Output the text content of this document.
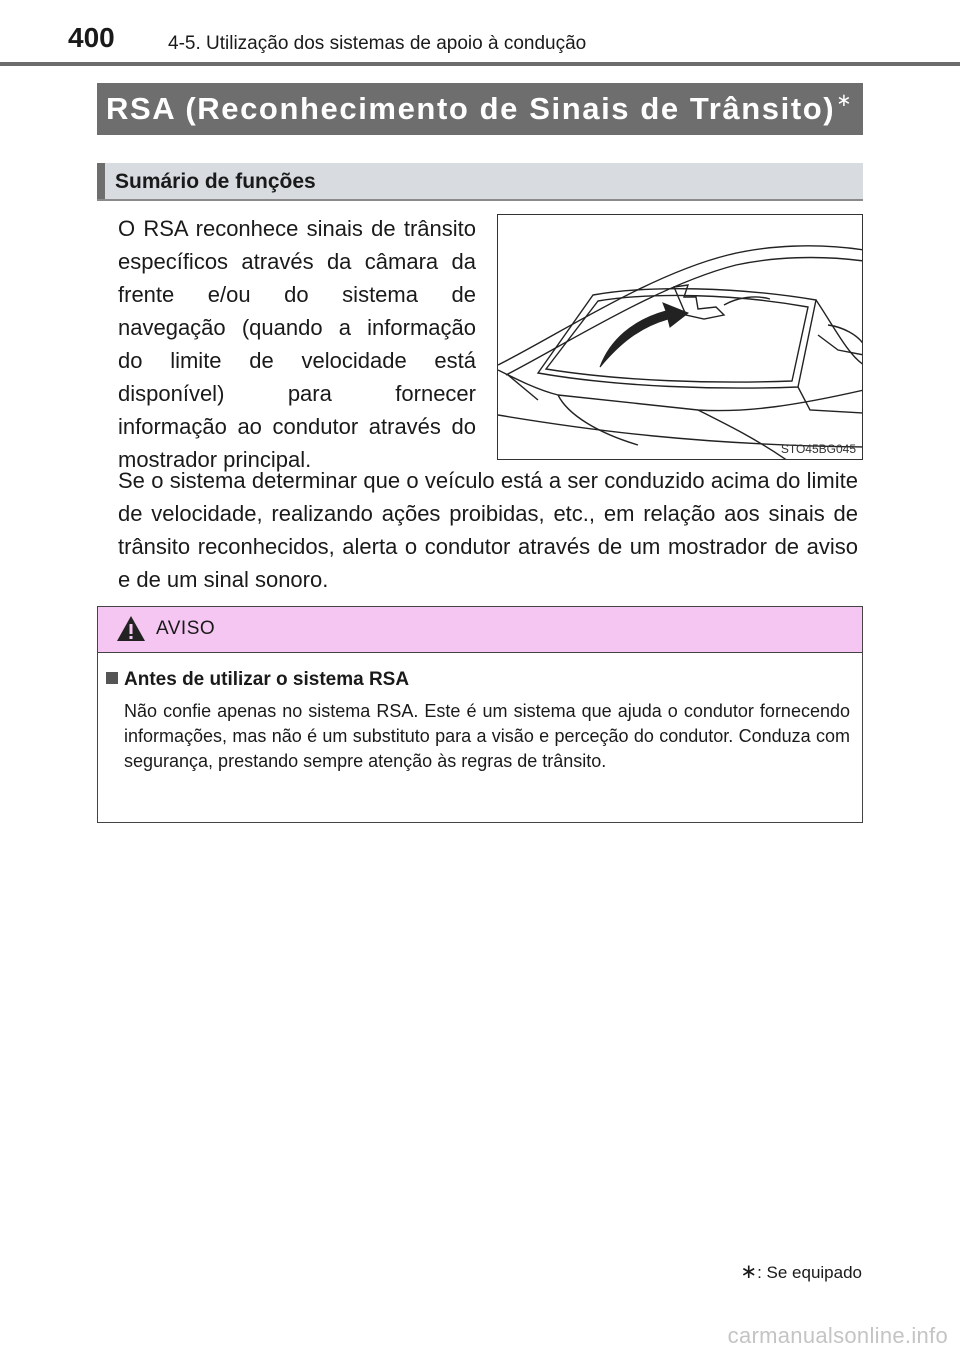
400	4-5. Utilização dos sistemas de apoio à condução
RSA (Reconhecimento de Sinais de Trânsito)∗
Sumário de funções
O RSA reconhece sinais de trânsito específicos através da câmara da frente e/ou do sistema de navegação (quando a informação do limite de velocidade está disponível) para fornecer informação ao condutor através do mostrador principal.	STO45BG045
Se o sistema determinar que o veículo está a ser conduzido acima do limite de velocidade, realizando ações proibidas, etc., em relação aos sinais de trânsito reconhecidos, alerta o condutor através de um mostrador de aviso e de um sinal sonoro.
AVISO
Antes de utilizar o sistema RSA
Não confie apenas no sistema RSA. Este é um sistema que ajuda o condutor fornecendo informações, mas não é um substituto para a visão e perceção do condutor. Conduza com segurança, prestando sempre atenção às regras de trânsito.
∗: Se equipado
carmanualsonline.info
